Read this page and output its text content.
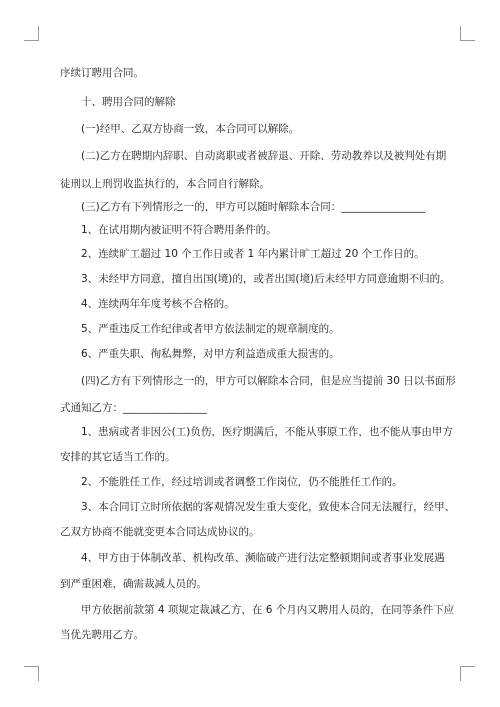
序续订聘用合同。
十、聘用合同的解除
(一)经甲、乙双方协商一致，本合同可以解除。
(二)乙方在聘期内辞职、自动离职或者被辞退、开除、劳动教养以及被判处有期
徒刑以上刑罚收监执行的，本合同自行解除。
(三)乙方有下列情形之一的，甲方可以随时解除本合同：________________
1、在试用期内被证明不符合聘用条件的。
2、连续旷工超过 10 个工作日或者 1 年内累计旷工超过 20 个工作日的。
3、未经甲方同意，擅自出国(境)的，或者出国(境)后未经甲方同意逾期不归的。
4、连续两年年度考核不合格的。
5、严重违反工作纪律或者甲方依法制定的规章制度的。
6、严重失职、徇私舞弊，对甲方利益造成重大损害的。
(四)乙方有下列情形之一的，甲方可以解除本合同，但是应当提前 30 日以书面形
式通知乙方：________________
1、患病或者非因公(工)负伤，医疗期满后，不能从事原工作，也不能从事由甲方
安排的其它适当工作的。
2、不能胜任工作，经过培训或者调整工作岗位，仍不能胜任工作的。
3、本合同订立时所依据的客观情况发生重大变化，致使本合同无法履行，经甲、
乙双方协商不能就变更本合同达成协议的。
4、甲方由于体制改革、机构改革、濒临破产进行法定整顿期间或者事业发展遇
到严重困难，确需裁减人员的。
甲方依据前款第 4 项规定裁减乙方，在 6 个月内又聘用人员的，在同等条件下应
当优先聘用乙方。
